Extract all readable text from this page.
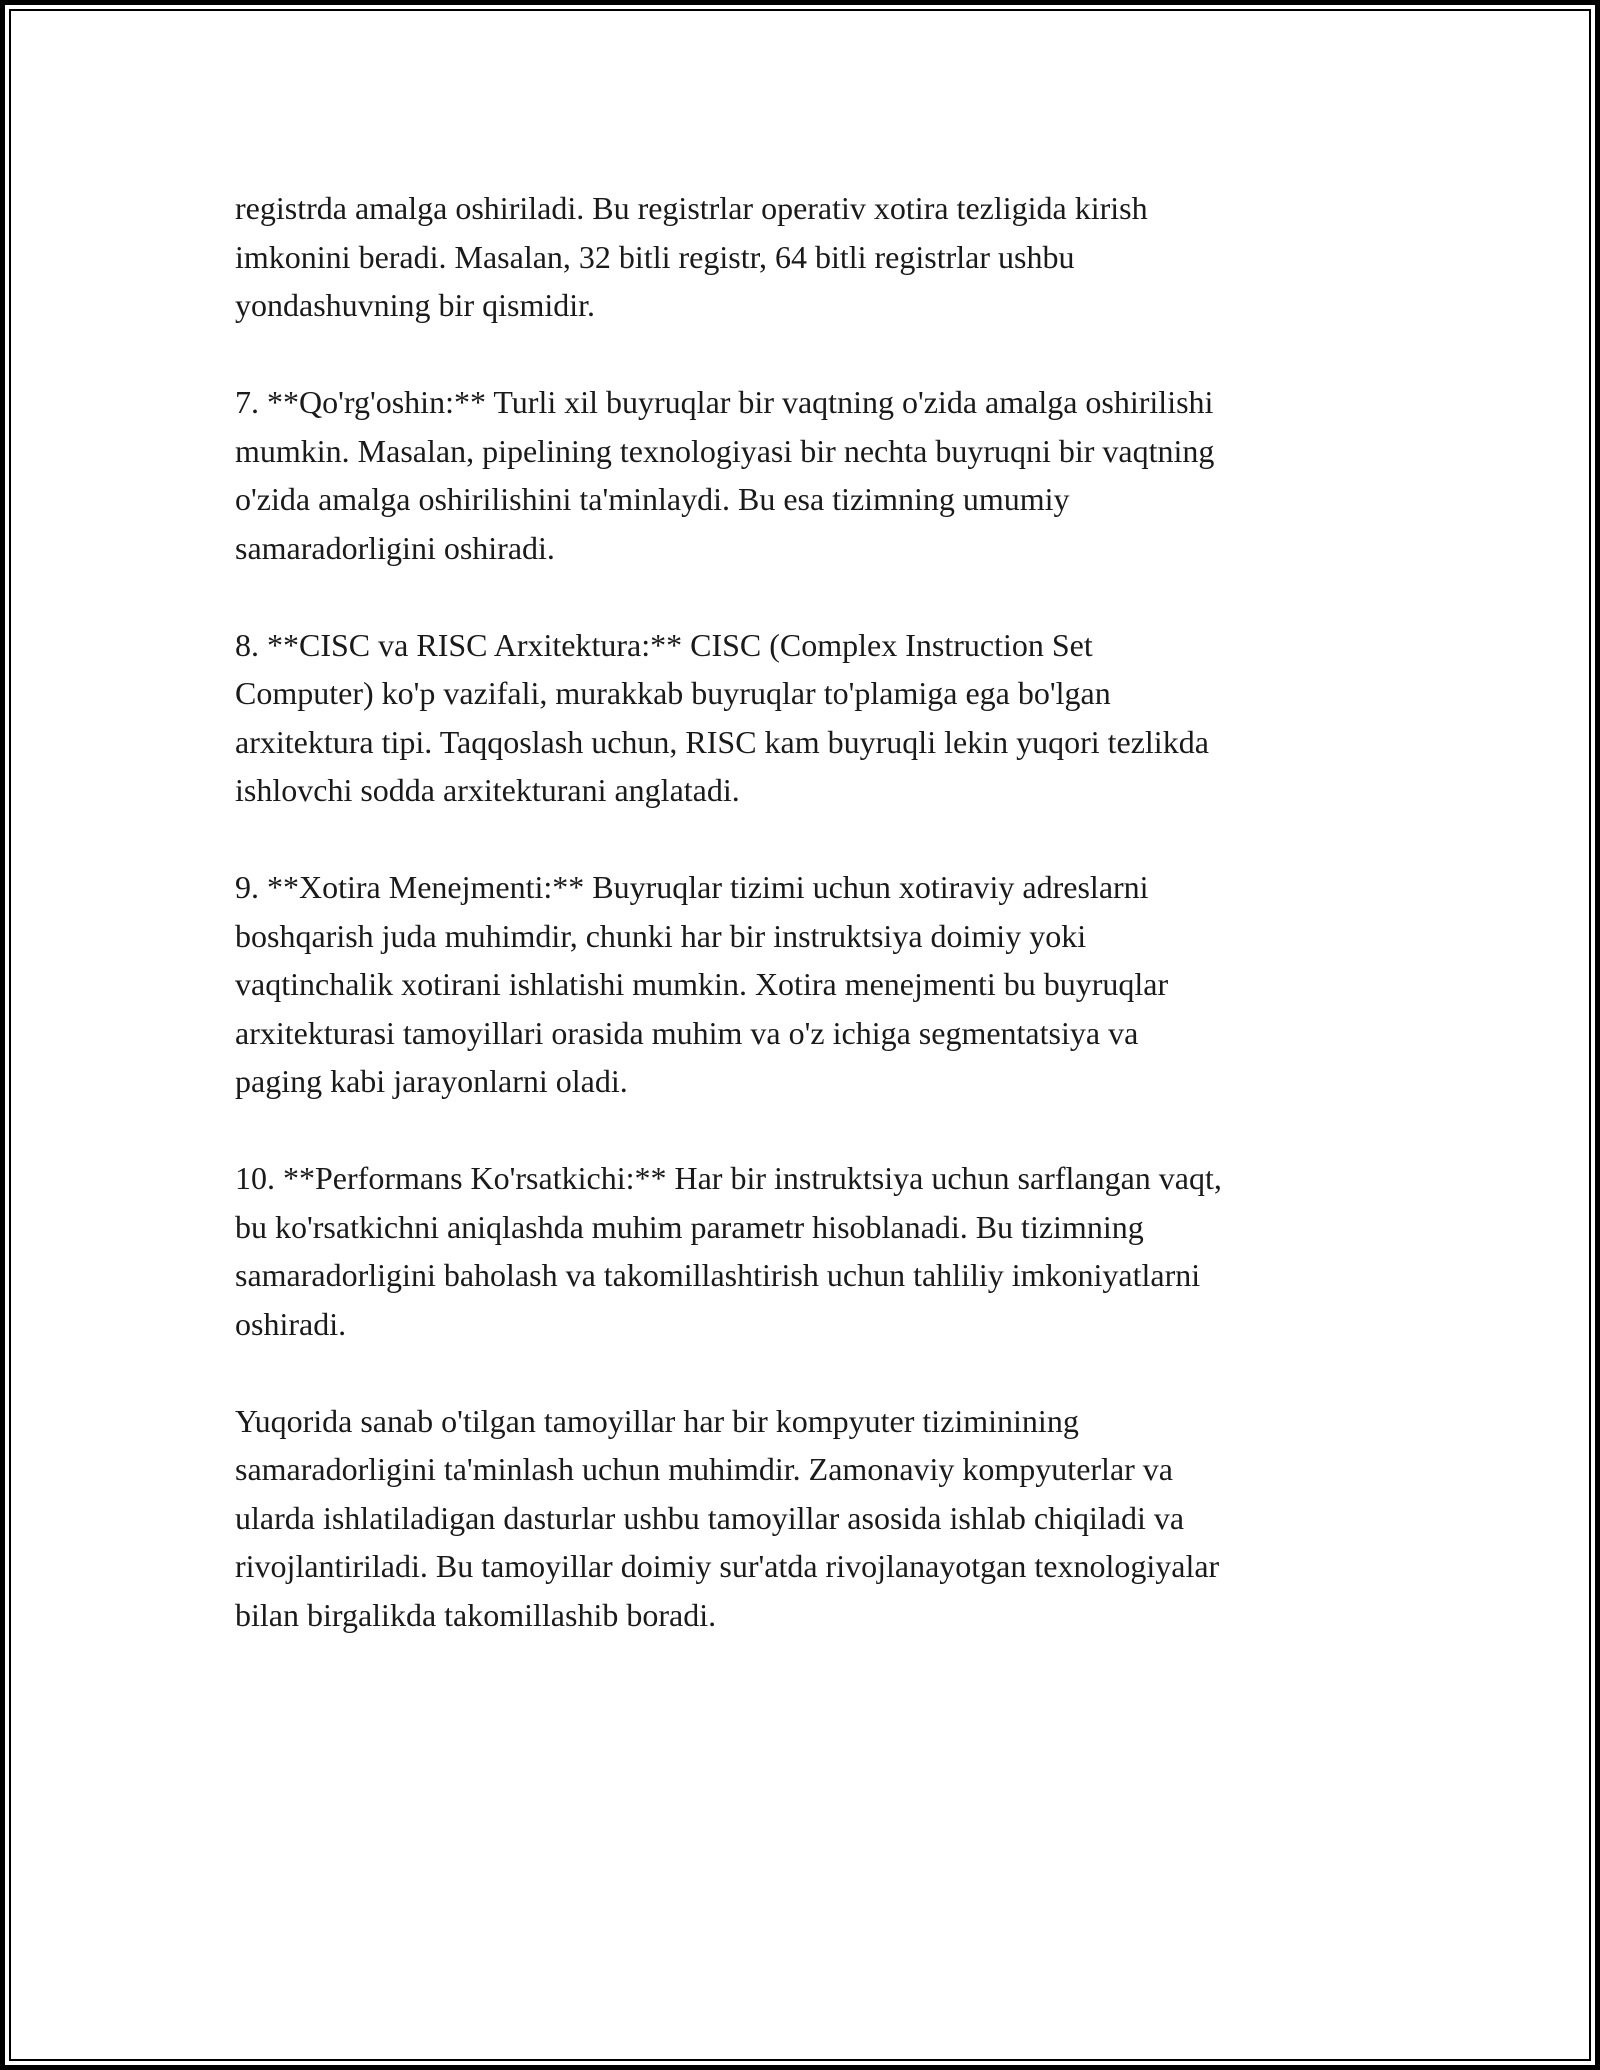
registrda amalga oshiriladi. Bu registrlar operativ xotira tezligida kirish
imkonini beradi. Masalan, 32 bitli registr, 64 bitli registrlar ushbu
yondashuvning bir qismidir.

7. **Qo'rg'oshin:** Turli xil buyruqlar bir vaqtning o'zida amalga oshirilishi
mumkin. Masalan, pipelining texnologiyasi bir nechta buyruqni bir vaqtning
o'zida amalga oshirilishini ta'minlaydi. Bu esa tizimning umumiy
samaradorligini oshiradi.

8. **CISC va RISC Arxitektura:** CISC (Complex Instruction Set
Computer) ko'p vazifali, murakkab buyruqlar to'plamiga ega bo'lgan
arxitektura tipi. Taqqoslash uchun, RISC kam buyruqli lekin yuqori tezlikda
ishlovchi sodda arxitekturani anglatadi.

9. **Xotira Menejmenti:** Buyruqlar tizimi uchun xotiraviy adreslarni
boshqarish juda muhimdir, chunki har bir instruktsiya doimiy yoki
vaqtinchalik xotirani ishlatishi mumkin. Xotira menejmenti bu buyruqlar
arxitekturasi tamoyillari orasida muhim va o'z ichiga segmentatsiya va
paging kabi jarayonlarni oladi.

10. **Performans Ko'rsatkichi:** Har bir instruktsiya uchun sarflangan vaqt,
bu ko'rsatkichni aniqlashda muhim parametr hisoblanadi. Bu tizimning
samaradorligini baholash va takomillashtirish uchun tahliliy imkoniyatlarni
oshiradi.

Yuqorida sanab o'tilgan tamoyillar har bir kompyuter tiziminining
samaradorligini ta'minlash uchun muhimdir. Zamonaviy kompyuterlar va
ularda ishlatiladigan dasturlar ushbu tamoyillar asosida ishlab chiqiladi va
rivojlantiriladi. Bu tamoyillar doimiy sur'atda rivojlanayotgan texnologiyalar
bilan birgalikda takomillashib boradi.
